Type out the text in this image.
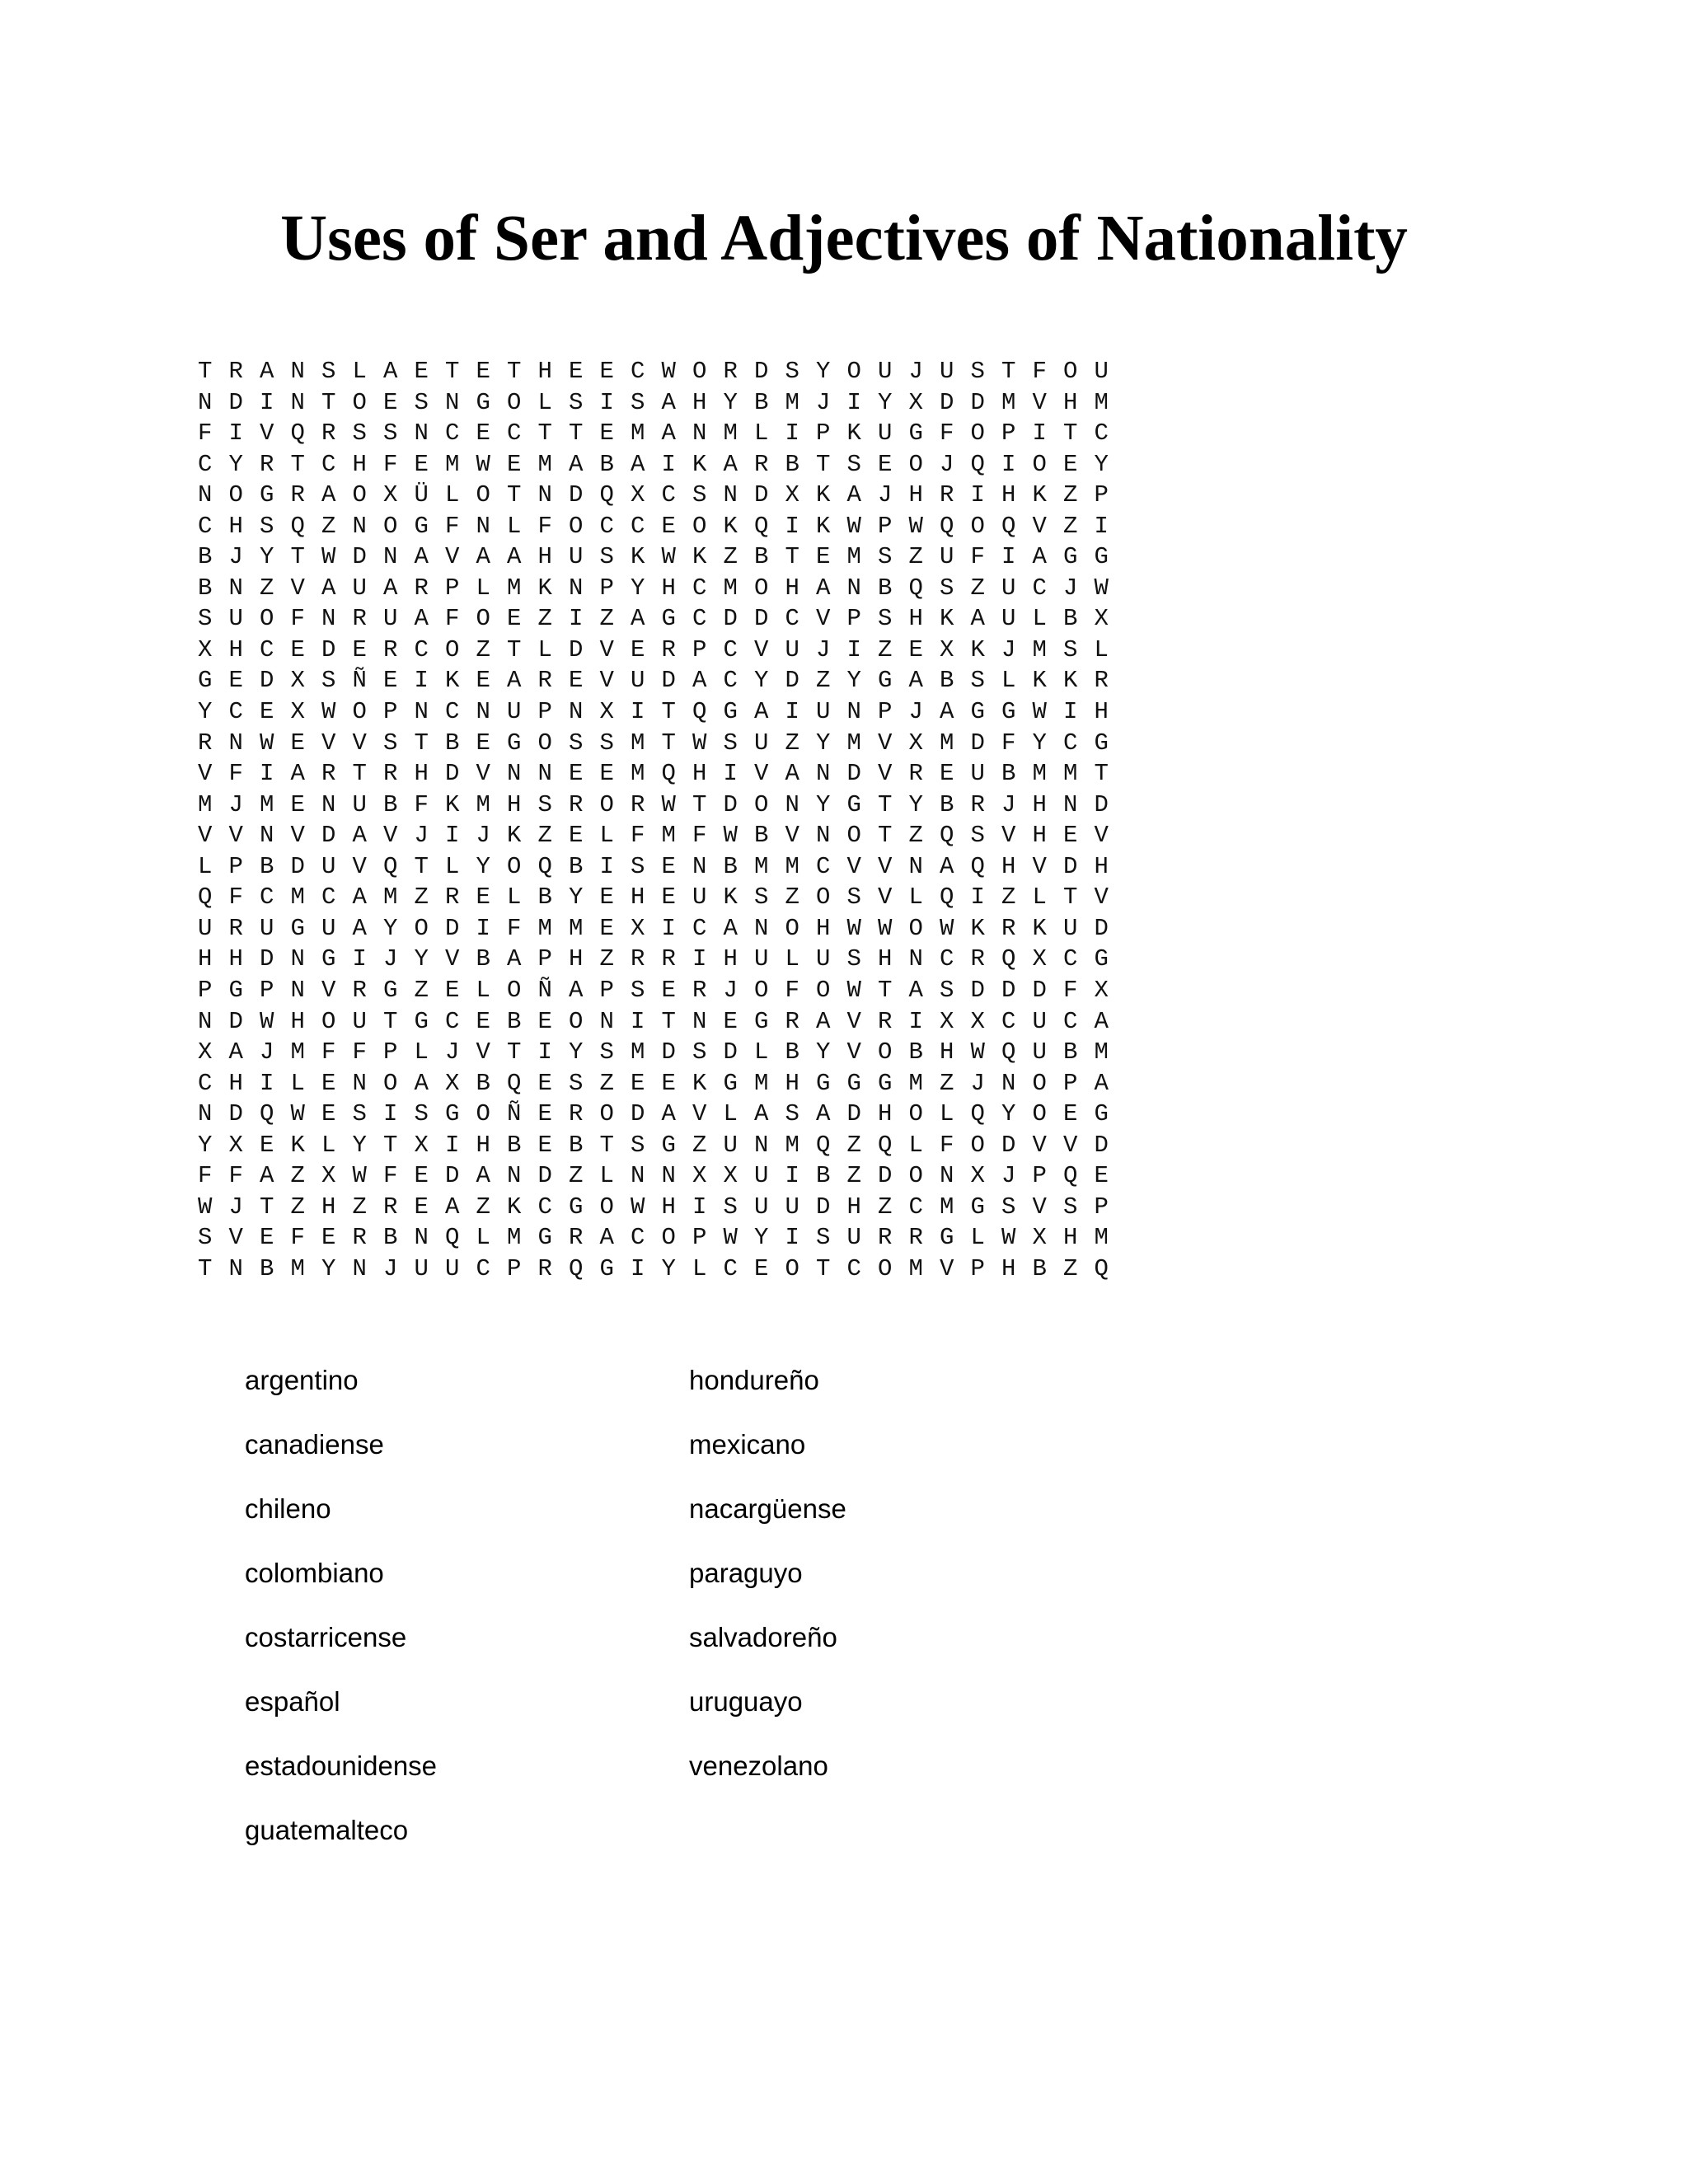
Uses of Ser and Adjectives of Nationality
T R A N S L A E T E T H E E C W O R D S Y O U J U S T F O U
N D I N T O E S N G O L S I S A H Y B M J I Y X D D M V H M
F I V Q R S S N C E C T T E M A N M L I P K U G F O P I T C
C Y R T C H F E M W E M A B A I K A R B T S E O J Q I O E Y
N O G R A O X Ü L O T N D Q X C S N D X K A J H R I H K Z P
C H S Q Z N O G F N L F O C C E O K Q I K W P W Q O Q V Z I
B J Y T W D N A V A A H U S K W K Z B T E M S Z U F I A G G
B N Z V A U A R P L M K N P Y H C M O H A N B Q S Z U C J W
S U O F N R U A F O E Z I Z A G C D D C V P S H K A U L B X
X H C E D E R C O Z T L D V E R P C V U J I Z E X K J M S L
G E D X S Ñ E I K E A R E V U D A C Y D Z Y G A B S L K K R
Y C E X W O P N C N U P N X I T Q G A I U N P J A G G W I H
R N W E V V S T B E G O S S M T W S U Z Y M V X M D F Y C G
V F I A R T R H D V N N E E M Q H I V A N D V R E U B M M T
M J M E N U B F K M H S R O R W T D O N Y G T Y B R J H N D
V V N V D A V J I J K Z E L F M F W B V N O T Z Q S V H E V
L P B D U V Q T L Y O Q B I S E N B M M C V V N A Q H V D H
Q F C M C A M Z R E L B Y E H E U K S Z O S V L Q I Z L T V
U R U G U A Y O D I F M M E X I C A N O H W W O W K R K U D
H H D N G I J Y V B A P H Z R R I H U L U S H N C R Q X C G
P G P N V R G Z E L O Ñ A P S E R J O F O W T A S D D D F X
N D W H O U T G C E B E O N I T N E G R A V R I X X C U C A
X A J M F F P L J V T I Y S M D S D L B Y V O B H W Q U B M
C H I L E N O A X B Q E S Z E E K G M H G G G M Z J N O P A
N D Q W E S I S G O Ñ E R O D A V L A S A D H O L Q Y O E G
Y X E K L Y T X I H B E B T S G Z U N M Q Z Q L F O D V V D
F F A Z X W F E D A N D Z L N N X X U I B Z D O N X J P Q E
W J T Z H Z R E A Z K C G O W H I S U U D H Z C M G S V S P
S V E F E R B N Q L M G R A C O P W Y I S U R R G L W X H M
T N B M Y N J U U C P R Q G I Y L C E O T C O M V P H B Z Q
argentino
canadiense
chileno
colombiano
costarricense
español
estadounidense
guatemalteco
hondureño
mexicano
nacargüense
paraguyo
salvadoreño
uruguayo
venezolano
